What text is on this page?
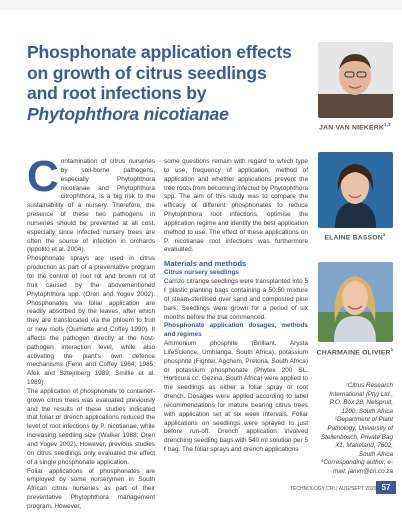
Phosphonate application effects
on growth of citrus seedlings
and root infections by
Phytophthora nicotianae
JAN VAN NIEKERK$^{1,2}$
ELAINE BASSON$^1$
CHARMAINE OLIVIER$^1$
C ontamination of citrus nurseries by soil-borne pathogens, especially Phytophthora nicotianae and Phytophthora citrophthora, is a big risk to the sustainability of a nursery. Therefore, the presence of these two pathogens in nurseries should be prevented at all cost, especially since infected nursery trees are often the source of infection in orchards (Ippolito et al. 2004).

Phosphonate sprays are used in citrus production as part of a preventative program for the control of root rot and brown rot of fruit caused by the abovementioned Phytophthora spp. (Oren and Yogev 2002). Phosphonates via foliar application are readily absorbed by the leaves, after which they are translocated via the phloem to fruit or new roots (Ouimette and Coffey 1990). It affects the pathogen directly at the host-pathogen interaction level, while also activating the plant's own defence mechanisms (Fenn and Coffey 1984; 1985; Afek and Sztejnberg 1989; Smillie et al. 1989).

The application of phosphonate to container-grown citrus trees was evaluated previously and the results of these studies indicated that foliar or drench applications reduced the level of root infections by P. nicotianae, while increasing seedling size (Walker 1988; Oren and Yogev 2002). However, previous studies on citrus seedlings only evaluated the effect of a single phosphonate application.

Foliar applications of phosphonates are employed by some nurserymen in South African citrus nurseries as part of their preventative Phytophthora management program. However,

some questions remain with regard to which type to use, frequency of application, method of application and whether applications prevent the tree roots from becoming infected by Phytophthora spp. The aim of this study was to compare the efficacy of different phosphonates to reduce Phytophthora root infections, optimise the application regime and identify the best application method to use. The effect of these applications on P. nicotianae root infections was furthermore evaluated.

Materials and methods
Citrus nursery seedlings

Carrizo citrange seedlings were transplanted into 5 ℓ plastic planting bags containing a 50:50 mixture of steam-sterilised river sand and composted pine bark. Seedlings were grown for a period of six months before the trial commenced.

Phosphonate application dosages, methods and regimes

Ammonium phosphite (Brilliant, Arysta LifeScience, Umhlanga, South Africa), potassium phosphite (Fighter, Agchem, Pretoria, South Africa) or potassium phosphonate (Phytex 200 SL, Horticura cc, Gezina, South Africa) were applied to the seedlings as either a foliar spray or root drench. Dosages were applied according to label recommendations for mature bearing citrus trees with application set at six week intervals. Foliar applications on seedlings were sprayed to just before run-off. Drench application involved drenching seedling bags with 540 ml solution per 5 ℓ bag. The foliar sprays and drench applications

¹Citrus Research International (Pty) Ltd., P.O. Box 28, Nelspruit, 1200, South Africa
²Department of Plant Pathology, University of Stellenbosch, Private Bag X1, Matieland, 7602, South Africa
*Corresponding author, e-mail: janvn@cri.co.za
TECHNOLOGY CRI | AUG/SEPT 2020 57
